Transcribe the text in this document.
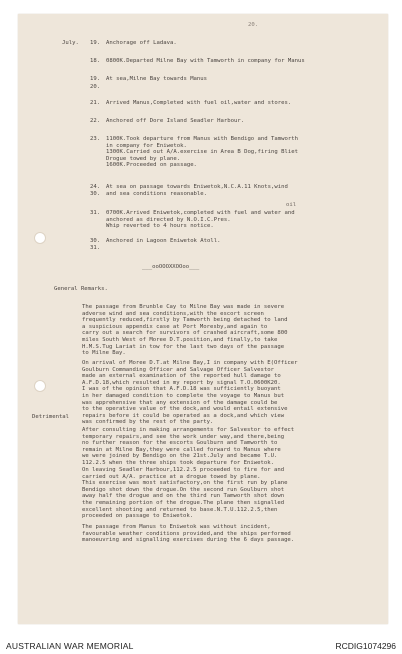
20.
July. 19. Anchorage off Ladava.
18. 0800K.Departed Milne Bay with Tamworth in company for Manus
19. At sea,Milne Bay towards Manus
20.
21. Arrived Manus,Completed with fuel oil,water and stores.
22. Anchored off Dore Island Seadler Harbour.
23. 1100K.Took departure from Manus with Bendigo and Tamworth
in company for Eniwetok.
1300K.Carried out A/A.exercise in Area B Dog,firing Bliet
Drogue towed by plane.
1600K.Proceeded on passage.
24. At sea on passage towards Eniwetok,N.C.A.11 Knots,wind
30. and sea conditions reasonable.
oil
31. 0700K.Arrived Eniwetok,completed with fuel and water and
anchored as directed by N.O.I.C.Pres.
Whip reverted to 4 hours notice.
30. Anchored in Lagoon Eniwetok Atoll.
31.
___ooOOOXXOOoo___
General Remarks.
Detrimental
The passage from Brunble Cay to Milne Bay was made in severe
adverse wind and sea conditions,with the escort screen
frequently reduced,firstly by Tamworth being detached to land
a suspicious appendix case at Port Moresby,and again to
carry out a search for survivors of crashed aircraft,some 800
miles South West of Moree D.T.position,and finally,to take
H.M.S.Tug Lariat in tow for the last two days of the passage
to Milne Bay.
On arrival of Moree D.T.at Milne Bay,I in company with E(Officer
Goulburn Commanding Officer and Salvage Officer Salvestor
made an external examination of the reported hull damage to
A.F.D.18,which resulted in my report by signal T.O.0600K20.
I was of the opinion that A.F.D.18 was sufficiently buoyant
in her damaged condition to complete the voyage to Manus but
was apprehensive that any extension of the damage could be
to the operative value of the dock,and would entail extensive
repairs before it could be operated as a dock,and which view
was confirmed by the rest of the party.
After consulting in making arrangements for Salvestor to effect
temporary repairs,and see the work under way,and there,being
no further reason for the escorts Goulburn and Tamworth to
remain at Milne Bay,they were called forward to Manus where
we were joined by Bendigo on the 21st.July and became T.U.
112.2.5 when the three ships took departure for Eniwetok.
On leaving Seadler Harbour,112.2.5 proceeded to fire for and
carried out A/A. practice at a drogue towed by plane.
This exercise was most satisfactory,on the first run by plane
Bendigo shot down the drogue.On the second run Goulburn shot
away half the drogue and on the third run Tamworth shot down
the remaining portion of the drogue.The plane then signalled
excellent shooting and returned to base.N.T.U.112.2.5,then
proceeded on passage to Eniwetok.
The passage from Manus to Eniwetok was without incident,
favourable weather conditions provided,and the ships performed
manoeuvring and signalling exercises during the 6 days passage.
AUSTRALIAN WAR MEMORIAL	RCDIG1074296
